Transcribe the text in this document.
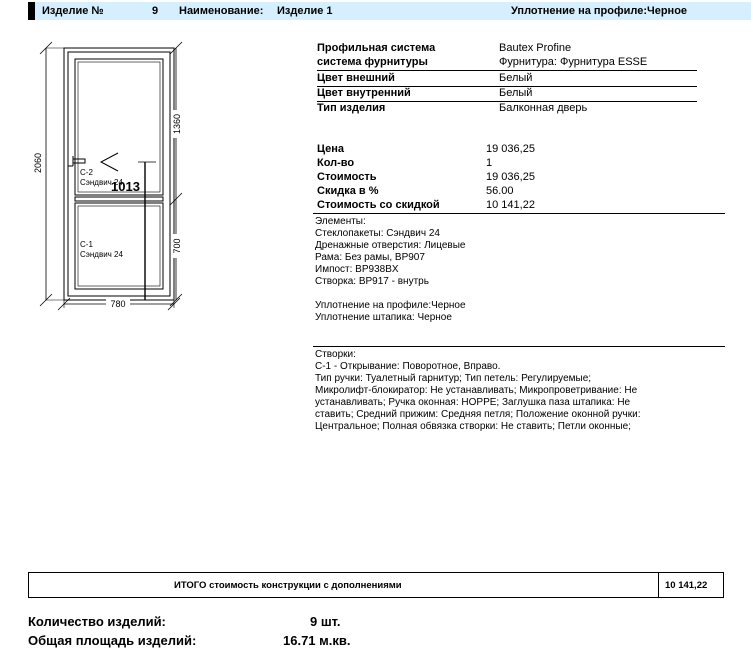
Изделие №	9 Наименование: Изделие 1	Уплотнение на профиле:Черное
2060
1360
700
780
С-2
Сэндвич 24
1013
С-1
Сэндвич 24
Профильная система	Bautex Profine
система фурнитуры	Фурнитура: Фурнитура ESSE
Цвет внешний	Белый
Цвет внутренний	Белый
Тип изделия	Балконная дверь
Цена	19 036,25
Кол-во	1
Стоимость	19 036,25
Скидка в %	56.00
Стоимость со скидкой	10 141,22
Элементы:
Стеклопакеты: Сэндвич 24
Дренажные отверстия: Лицевые
Рама: Без рамы, BP907
Импост: BP938BX
Створка: BP917 - внутрь
Уплотнение на профиле:Черное
Уплотнение штапика: Черное
Створки:
С-1 - Открывание: Поворотное, Вправо.
Тип ручки: Туалетный гарнитур; Тип петель: Регулируемые;
Микролифт-блокиратор: Не устанавливать; Микропроветривание: Не
устанавливать; Ручка оконная: HOPPE; Заглушка паза штапика: Не
ставить; Средний прижим: Средняя петля; Положение оконной ручки:
Центральное; Полная обвязка створки: Не ставить; Петли оконные;
ИТОГО стоимость конструкции с дополнениями	10 141,22
Количество изделий:	9 шт.
Общая площадь изделий:	16.71 м.кв.
